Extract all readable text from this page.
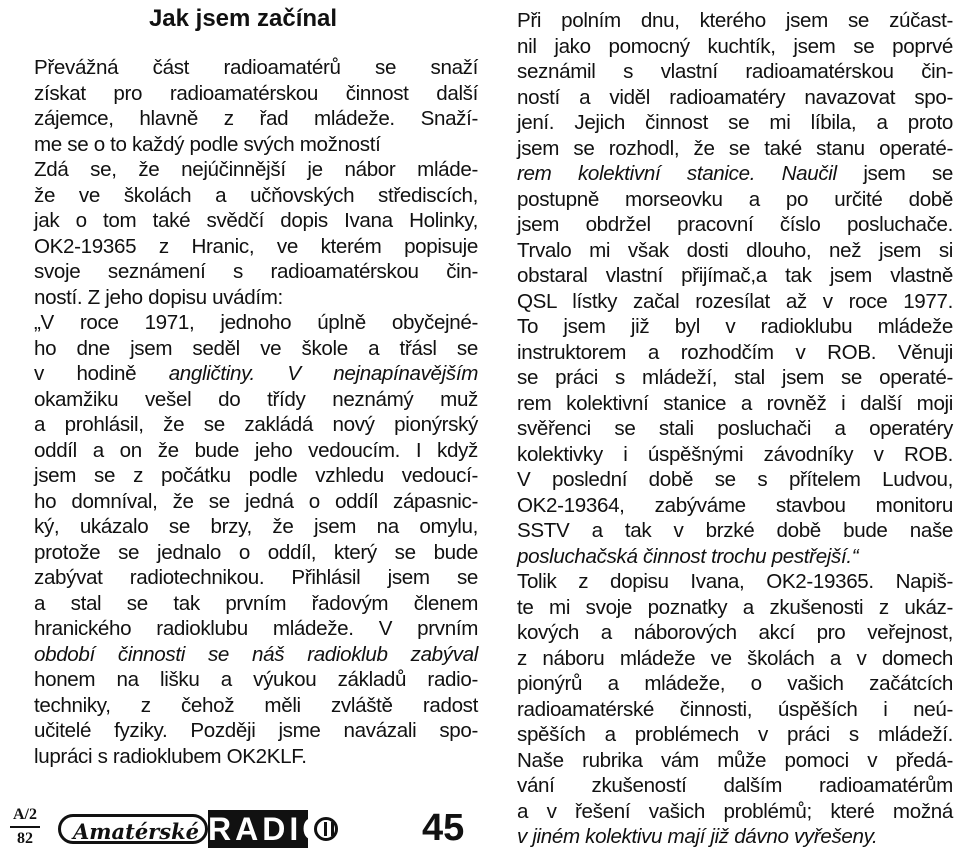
Jak jsem začínal

Převážná část radioamatérů se snaží
získat pro radioamatérskou činnost další
zájemce, hlavně z řad mládeže. Snaží-
me se o to každý podle svých možností

Zdá se, že nejúčinnější je nábor mláde-
že ve školách a učňovských střediscích,
jak o tom také svědčí dopis Ivana Holinky,
OK2-19365 z Hranic, ve kterém popisuje
svoje seznámení s radioamatérskou čin-
ností. Z jeho dopisu uvádím:

„V roce 1971, jednoho úplně obyčejné-
ho dne jsem seděl ve škole a třásl se
v hodině angličtiny. V nejnapínavějším
okamžiku vešel do třídy neznámý muž
a prohlásil, že se zakládá nový pionýrský
oddíl a on že bude jeho vedoucím. I když
jsem se z počátku podle vzhledu vedoucí-
ho domníval, že se jedná o oddíl zápasnic-
ký, ukázalo se brzy, že jsem na omylu,
protože se jednalo o oddíl, který se bude
zabývat radiotechnikou. Přihlásil jsem se
a stal se tak prvním řadovým členem
hranického radioklubu mládeže. V prvním
období činnosti se náš radioklub zabýval
honem na lišku a výukou základů radio-
techniky, z čehož měli zvláště radost
učitelé fyziky. Později jsme navázali spo-
lupráci s radioklubem OK2KLF.

Při polním dnu, kterého jsem se zúčast-
nil jako pomocný kuchtík, jsem se poprvé
seznámil s vlastní radioamatérskou čin-
ností a viděl radioamatéry navazovat spo-
jení. Jejich činnost se mi líbila, a proto
jsem se rozhodl, že se také stanu operaté-
rem kolektivní stanice. Naučil jsem se
postupně morseovku a po určité době
jsem obdržel pracovní číslo posluchače.
Trvalo mi však dosti dlouho, než jsem si
obstaral vlastní přijímač,a tak jsem vlastně
QSL lístky začal rozesílat až v roce 1977.
To jsem již byl v radioklubu mládeže
instruktorem a rozhodčím v ROB. Věnuji
se práci s mládeží, stal jsem se operaté-
rem kolektivní stanice a rovněž i další moji
svěřenci se stali posluchači a operatéry
kolektivky i úspěšnými závodníky v ROB.
V poslední době se s přítelem Ludvou,
OK2-19364, zabýváme stavbou monitoru
SSTV a tak v brzké době bude naše
posluchačská činnost trochu pestřejší.“

Tolik z dopisu Ivana, OK2-19365. Napiš-
te mi svoje poznatky a zkušenosti z ukáz-
kových a náborových akcí pro veřejnost,
z náboru mládeže ve školách a v domech
pionýrů a mládeže, o vašich začátcích
radioamatérské činnosti, úspěších i neú-
spěších a problémech v práci s mládeží.
Naše rubrika vám může pomoci v předá-
vání zkušeností dalším radioamatérům
a v řešení vašich problémů; které možná
v jiném kolektivu mají již dávno vyřešeny.

A/2
82	Amatérské RADIO 45
